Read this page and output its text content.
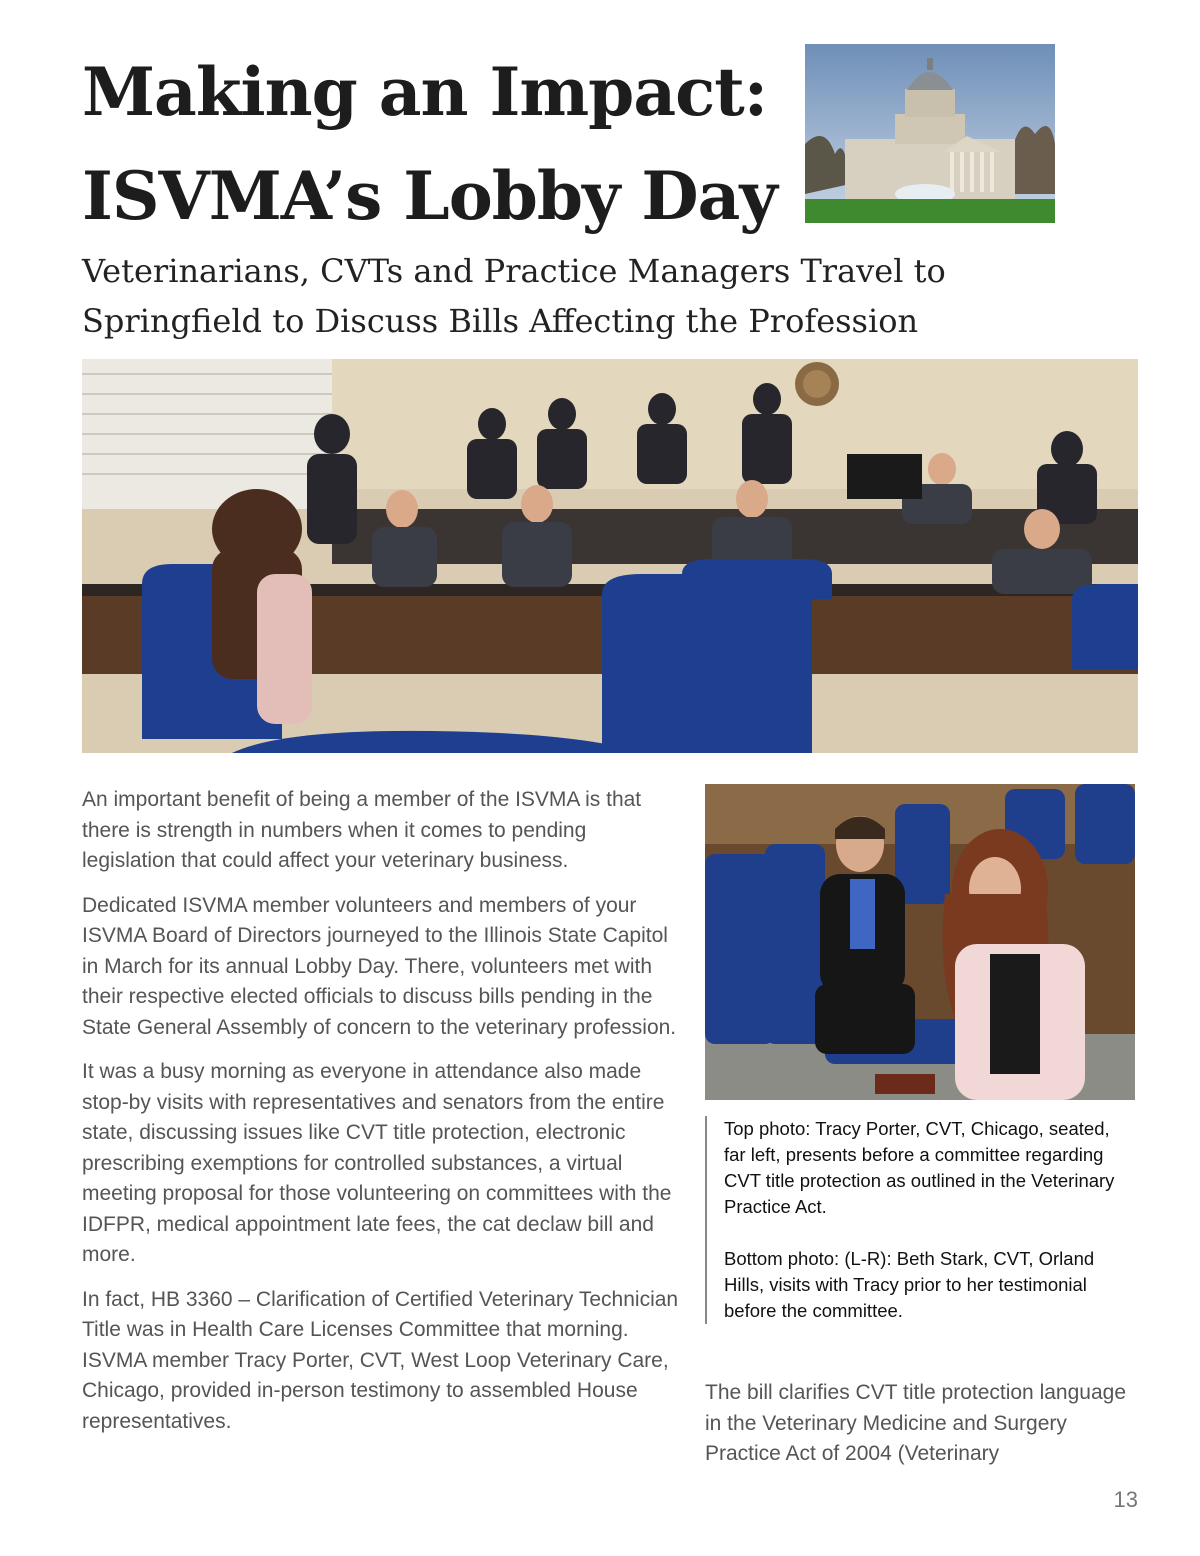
Making an Impact:
ISVMA’s Lobby Day
Veterinarians, CVTs and Practice Managers Travel to
Springfield to Discuss Bills Affecting the Profession

An important benefit of being a member of the ISVMA is that there is strength in numbers when it comes to pending legislation that could affect your veterinary business.

Dedicated ISVMA member volunteers and members of your ISVMA Board of Directors journeyed to the Illinois State Capitol in March for its annual Lobby Day. There, volunteers met with their respective elected officials to discuss bills pending in the State General Assembly of concern to the veterinary profession.

It was a busy morning as everyone in attendance also made stop-by visits with representatives and senators from the entire state, discussing issues like CVT title protection, electronic prescribing exemptions for controlled substances, a virtual meeting proposal for those volunteering on committees with the IDFPR, medical appointment late fees, the cat declaw bill and more.

In fact, HB 3360 – Clarification of Certified Veterinary Technician Title was in Health Care Licenses Committee that morning. ISVMA member Tracy Porter, CVT, West Loop Veterinary Care, Chicago, provided in-person testimony to assembled House representatives.

Top photo: Tracy Porter, CVT, Chicago, seated, far left, presents before a committee regarding CVT title protection as outlined in the Veterinary Practice Act.

Bottom photo: (L-R): Beth Stark, CVT, Orland Hills, visits with Tracy prior to her testimonial before the committee.

The bill clarifies CVT title protection language in the Veterinary Medicine and Surgery Practice Act of 2004 (Veterinary

13
